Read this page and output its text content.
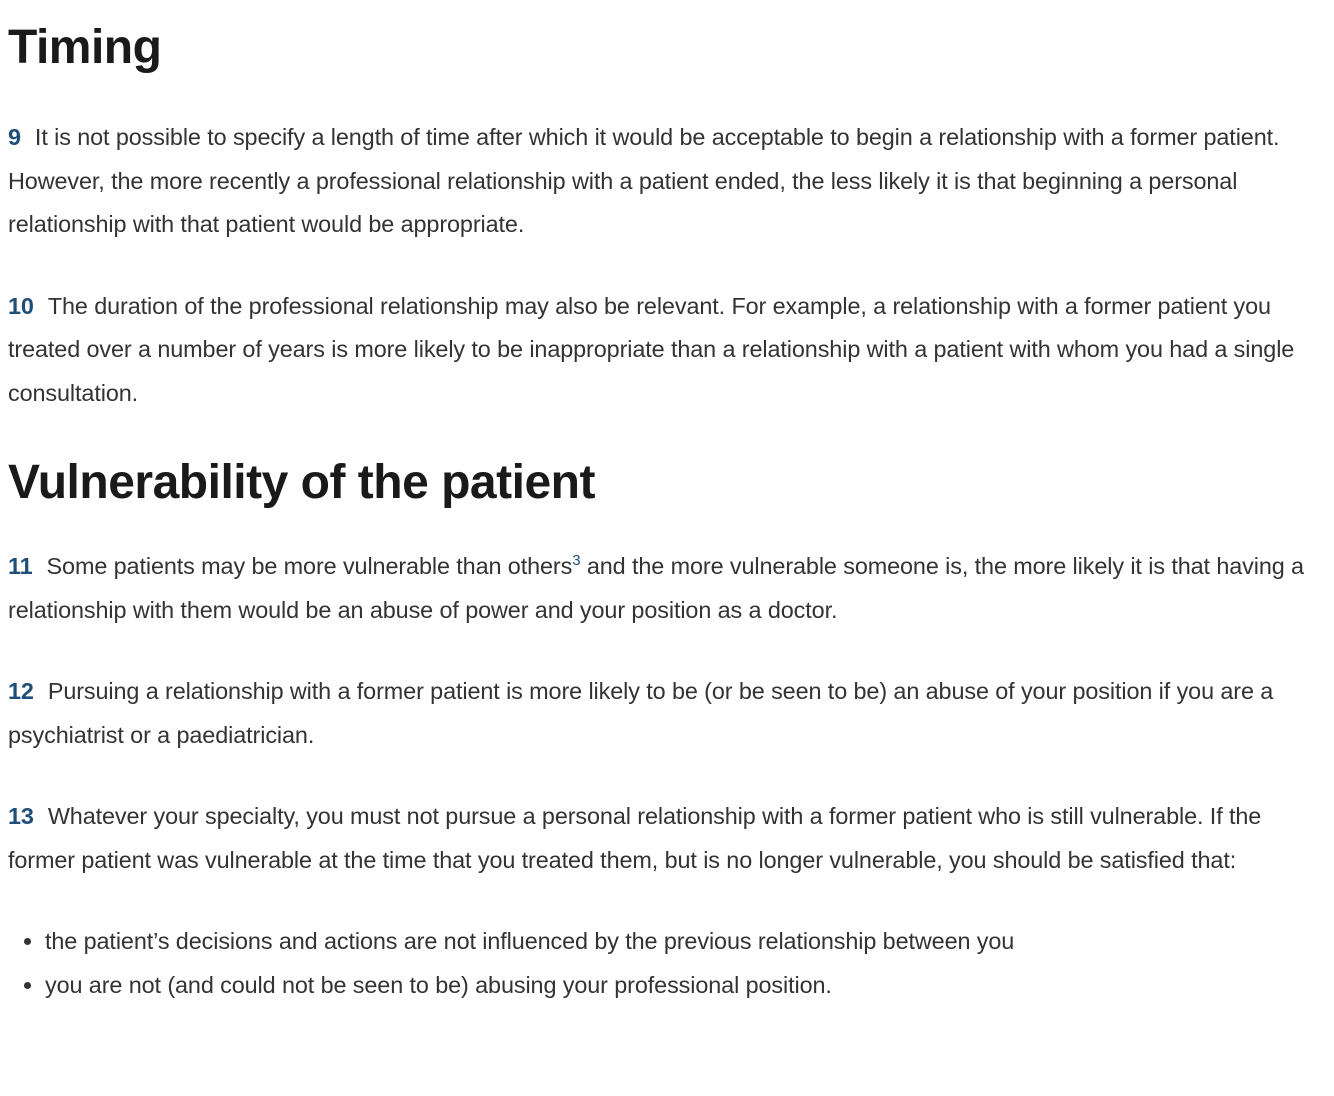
Timing

9 It is not possible to specify a length of time after which it would be acceptable to begin a relationship with a former patient. However, the more recently a professional relationship with a patient ended, the less likely it is that beginning a personal relationship with that patient would be appropriate.

10 The duration of the professional relationship may also be relevant. For example, a relationship with a former patient you treated over a number of years is more likely to be inappropriate than a relationship with a patient with whom you had a single consultation.

Vulnerability of the patient

11 Some patients may be more vulnerable than others$^3$ and the more vulnerable someone is, the more likely it is that having a relationship with them would be an abuse of power and your position as a doctor.

12 Pursuing a relationship with a former patient is more likely to be (or be seen to be) an abuse of your position if you are a psychiatrist or a paediatrician.

13 Whatever your specialty, you must not pursue a personal relationship with a former patient who is still vulnerable. If the former patient was vulnerable at the time that you treated them, but is no longer vulnerable, you should be satisfied that:

• the patient’s decisions and actions are not influenced by the previous relationship between you
• you are not (and could not be seen to be) abusing your professional position.
